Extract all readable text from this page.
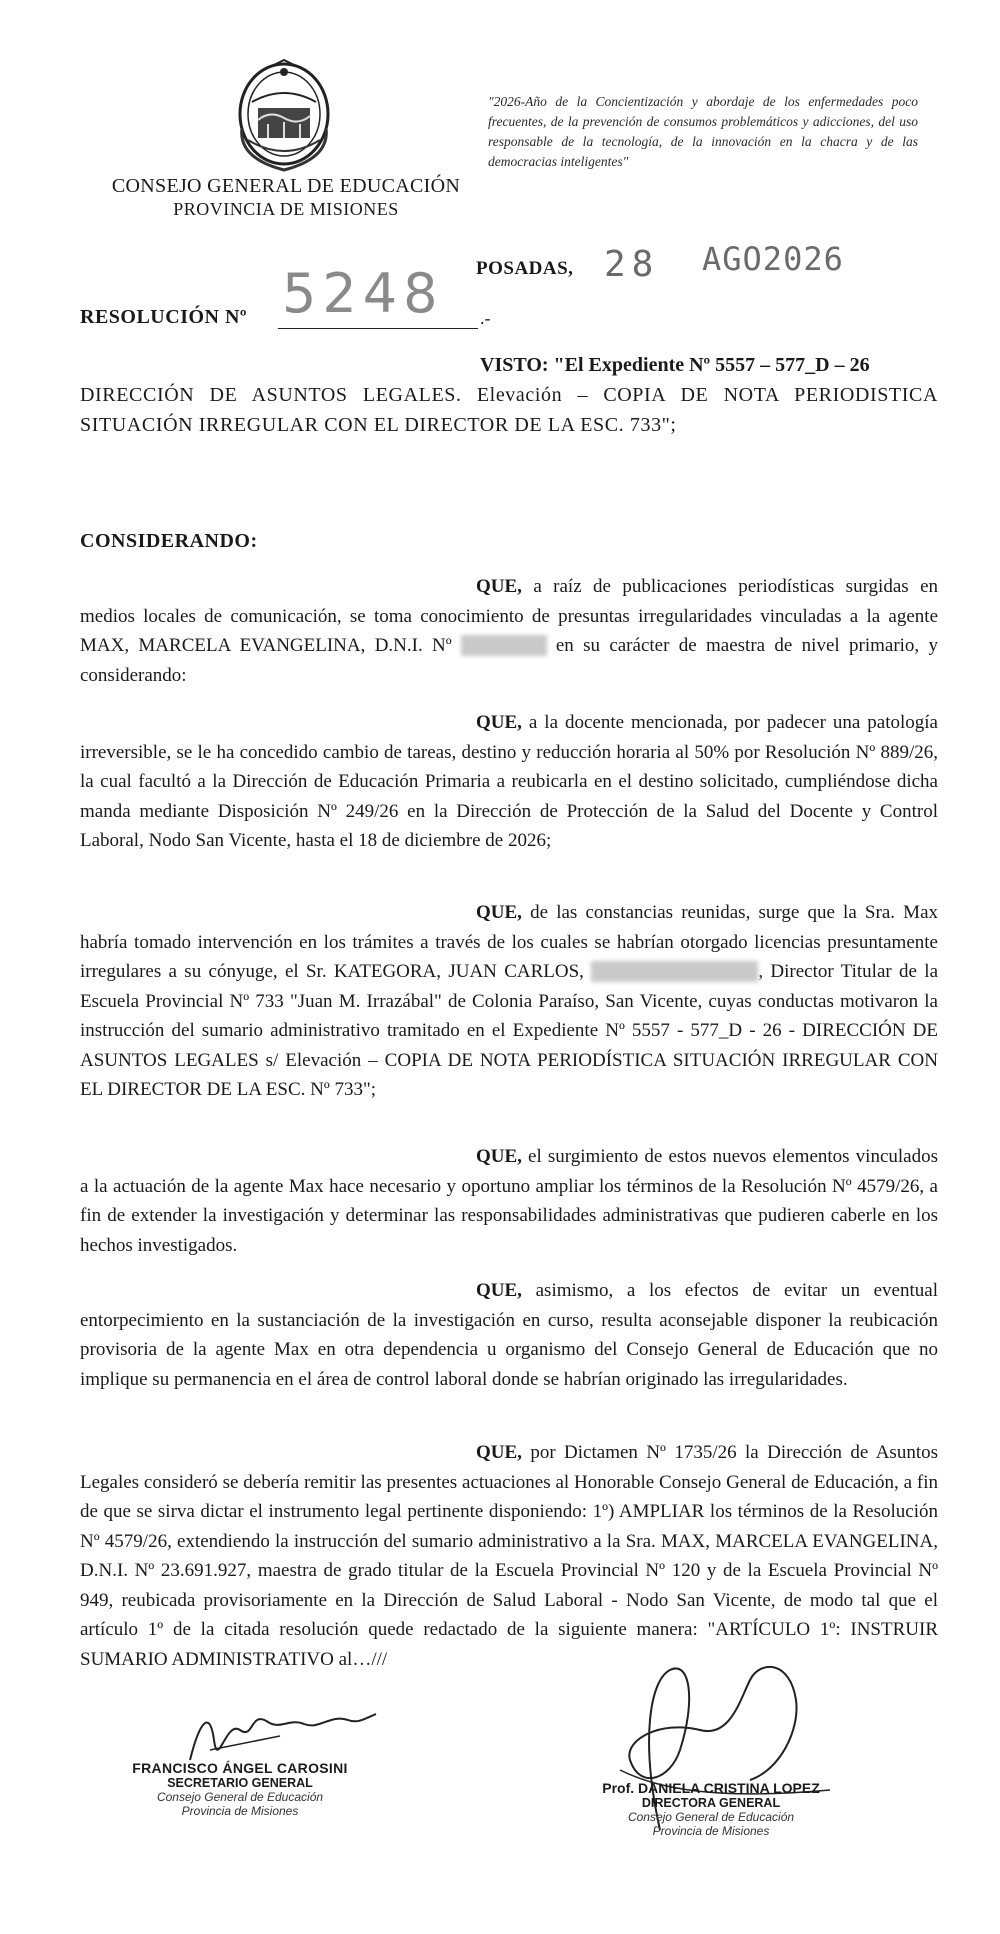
CONSEJO GENERAL DE EDUCACIÓN
PROVINCIA DE MISIONES
"2026-Año de la Concientización y abordaje de los enfermedades poco frecuentes, de la prevención de consumos problemáticos y adicciones, del uso responsable de la tecnología, de la innovación en la chacra y de las democracias inteligentes"
POSADAS, 28 AGO2026
RESOLUCIÓN Nº 5248 .-
VISTO: "El Expediente Nº 5557 – 577_D – 26
DIRECCIÓN DE ASUNTOS LEGALES. Elevación – COPIA DE NOTA PERIODISTICA SITUACIÓN IRREGULAR CON EL DIRECTOR DE LA ESC. 733";
CONSIDERANDO:
QUE, a raíz de publicaciones periodísticas surgidas en medios locales de comunicación, se toma conocimiento de presuntas irregularidades vinculadas a la agente MAX, MARCELA EVANGELINA, D.N.I. Nº	en su carácter de maestra de nivel primario, y considerando:
QUE, a la docente mencionada, por padecer una patología irreversible, se le ha concedido cambio de tareas, destino y reducción horaria al 50% por Resolución Nº 889/26, la cual facultó a la Dirección de Educación Primaria a reubicarla en el destino solicitado, cumpliéndose dicha manda mediante Disposición Nº 249/26 en la Dirección de Protección de la Salud del Docente y Control Laboral, Nodo San Vicente, hasta el 18 de diciembre de 2026;
QUE, de las constancias reunidas, surge que la Sra. Max habría tomado intervención en los trámites a través de los cuales se habrían otorgado licencias presuntamente irregulares a su cónyuge, el Sr. KATEGORA, JUAN CARLOS,	, Director Titular de la Escuela Provincial Nº 733 "Juan M. Irrazábal" de Colonia Paraíso, San Vicente, cuyas conductas motivaron la instrucción del sumario administrativo tramitado en el Expediente Nº 5557 - 577_D - 26 - DIRECCIÓN DE ASUNTOS LEGALES s/ Elevación – COPIA DE NOTA PERIODÍSTICA SITUACIÓN IRREGULAR CON EL DIRECTOR DE LA ESC. Nº 733";
QUE, el surgimiento de estos nuevos elementos vinculados a la actuación de la agente Max hace necesario y oportuno ampliar los términos de la Resolución Nº 4579/26, a fin de extender la investigación y determinar las responsabilidades administrativas que pudieren caberle en los hechos investigados.
QUE, asimismo, a los efectos de evitar un eventual entorpecimiento en la sustanciación de la investigación en curso, resulta aconsejable disponer la reubicación provisoria de la agente Max en otra dependencia u organismo del Consejo General de Educación que no implique su permanencia en el área de control laboral donde se habrían originado las irregularidades.
QUE, por Dictamen Nº 1735/26 la Dirección de Asuntos Legales consideró se debería remitir las presentes actuaciones al Honorable Consejo General de Educación, a fin de que se sirva dictar el instrumento legal pertinente disponiendo: 1º) AMPLIAR los términos de la Resolución Nº 4579/26, extendiendo la instrucción del sumario administrativo a la Sra. MAX, MARCELA EVANGELINA, D.N.I. Nº 23.691.927, maestra de grado titular de la Escuela Provincial Nº 120 y de la Escuela Provincial Nº 949, reubicada provisoriamente en la Dirección de Salud Laboral - Nodo San Vicente, de modo tal que el artículo 1º de la citada resolución quede redactado de la siguiente manera: "ARTÍCULO 1º: INSTRUIR SUMARIO ADMINISTRATIVO al…///
FRANCISCO ÁNGEL CAROSINI
SECRETARIO GENERAL
Consejo General de Educación
Provincia de Misiones
Prof. DANIELA CRISTINA LOPEZ
DIRECTORA GENERAL
Consejo General de Educación
Provincia de Misiones
